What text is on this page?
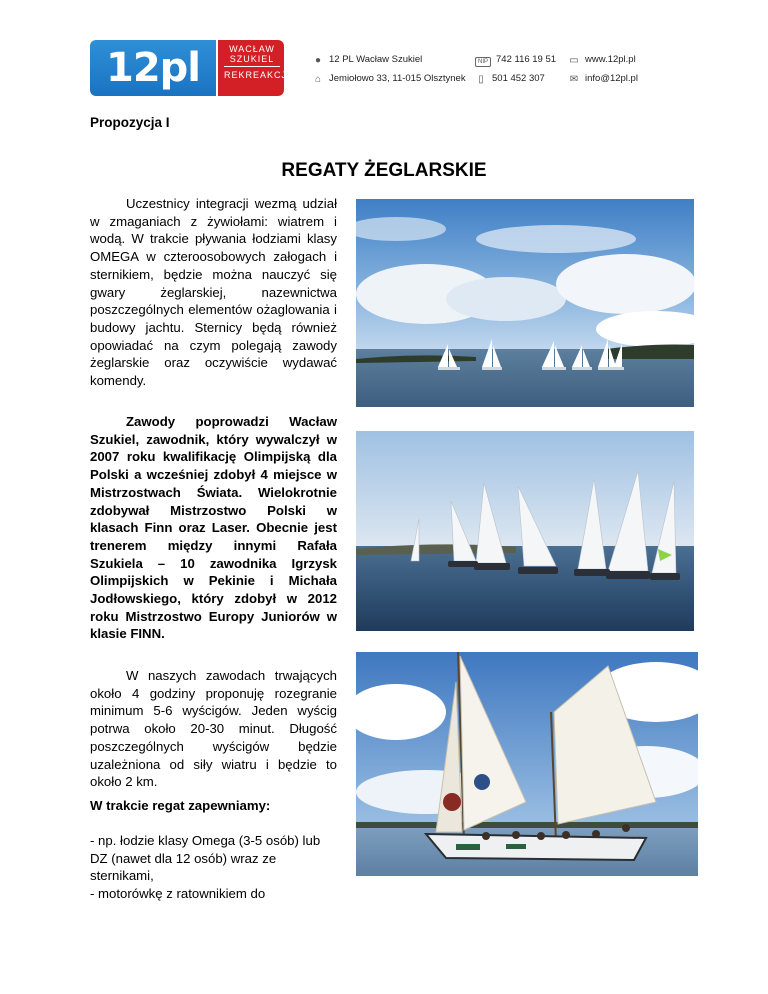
12pl	WACŁAW SZUKIEL
REKREAKCJA!
● 12 PL Wacław Szukiel
⌂ Jemiołowo 33, 11-015 Olsztynek
NIP 742 116 19 51
▯ 501 452 307
▭ www.12pl.pl
✉ info@12pl.pl
Propozycja I
REGATY ŻEGLARSKIE
Uczestnicy integracji wezmą udział w zmaganiach z żywiołami: wiatrem i wodą. W trakcie pływania łodziami klasy OMEGA w czteroosobowych załogach i sternikiem, będzie można nauczyć się gwary żeglarskiej, nazewnictwa poszczególnych elementów ożaglowania i budowy jachtu. Sternicy będą również opowiadać na czym polegają zawody żeglarskie oraz oczywiście wydawać komendy.
Zawody poprowadzi Wacław Szukiel, zawodnik, który wywalczył w 2007 roku kwalifikację Olimpijską dla Polski a wcześniej zdobył 4 miejsce w Mistrzostwach Świata. Wielokrotnie zdobywał Mistrzostwo Polski w klasach Finn oraz Laser. Obecnie jest trenerem między innymi Rafała Szukiela – 10 zawodnika Igrzysk Olimpijskich w Pekinie i Michała Jodłowskiego, który zdobył w 2012 roku Mistrzostwo Europy Juniorów w klasie FINN.
W naszych zawodach trwających około 4 godziny proponuję rozegranie minimum 5-6 wyścigów. Jeden wyścig potrwa około 20-30 minut. Długość poszczególnych wyścigów będzie uzależniona od siły wiatru i będzie to około 2 km.
W trakcie regat zapewniamy:
- np. łodzie klasy Omega (3-5 osób) lub DZ (nawet dla 12 osób) wraz ze sternikami,
- motorówkę z ratownikiem do
